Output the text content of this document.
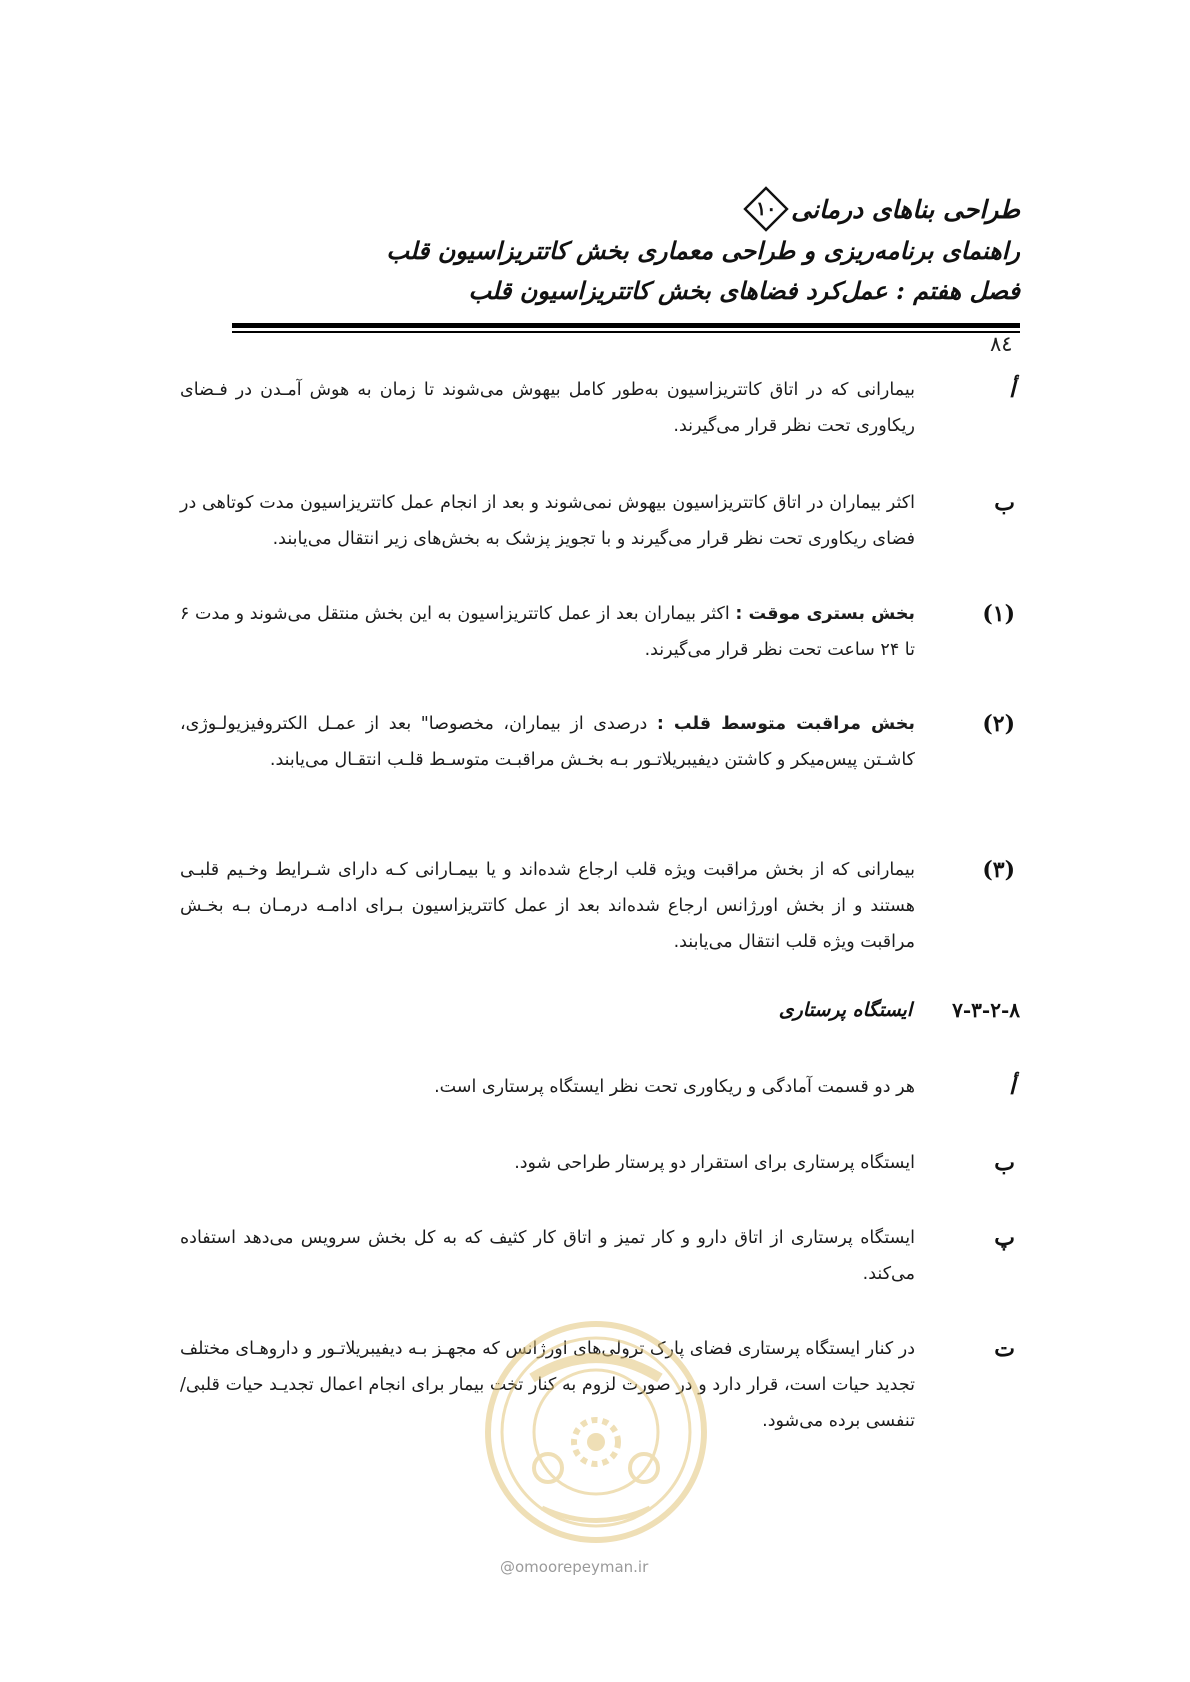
طراحی بناهای درمانی
۱۰
راهنمای برنامه‌ریزی و طراحی معماری بخش کاتتریزاسیون قلب
فصل هفتم : عمل‌کرد فضاهای بخش کاتتریزاسیون قلب
۸٤
أ
بیمارانی که در اتاق کاتتریزاسیون به‌طور کامل بیهوش می‌شوند تا زمان به هوش آمـدن در فـضای ریکاوری تحت نظر قرار می‌گیرند.
ب
اکثر بیماران در اتاق کاتتریزاسیون بیهوش نمی‌شوند و بعد از انجام عمل کاتتریزاسیون مدت کوتاهی در فضای ریکاوری تحت نظر قرار می‌گیرند و با تجویز پزشک به بخش‌های زیر انتقال می‌یابند.
(۱)
بخش بستری موقت : اکثر بیماران بعد از عمل کاتتریزاسیون به این بخش منتقل می‌شوند و مدت ۶ تا ۲۴ ساعت تحت نظر قرار می‌گیرند.
(۲)
بخش مراقبت متوسط قلب : درصدی از بیماران، مخصوصا" بعد از عمـل الکتروفیزیولـوژی، کاشـتن پیس‌میکر و کاشتن دیفیبریلاتـور بـه بخـش مراقبـت متوسـط قلـب انتقـال می‌یابند.
(۳)
بیمارانی که از بخش مراقبت ویژه قلب ارجاع شده‌اند و یا بیمـارانی کـه دارای شـرایط وخـیم قلبـی هستند و از بخش اورژانس ارجاع شده‌اند بعد از عمل کاتتریزاسیون بـرای ادامـه درمـان بـه بخـش مراقبت ویژه قلب انتقال می‌یابند.
۷-۳-۲-۸
ایستگاه پرستاری
أ
هر دو قسمت آمادگی و ریکاوری تحت نظر ایستگاه پرستاری است.
ب
ایستگاه پرستاری برای استقرار دو پرستار طراحی شود.
پ
ایستگاه پرستاری از اتاق دارو و کار تمیز و اتاق کار کثیف که به کل بخش سرویس می‌دهد استفاده می‌کند.
ت
در کنار ایستگاه پرستاری فضای پارک ترولی‌های اورژانس که مجهـز بـه دیفیبریلاتـور و داروهـای مختلف تجدید حیات است، قرار دارد و در صورت لزوم به کنار تخت بیمار برای انجام اعمال تجدیـد حیات قلبی/تنفسی برده می‌شود.
@omoorepeyman.ir
